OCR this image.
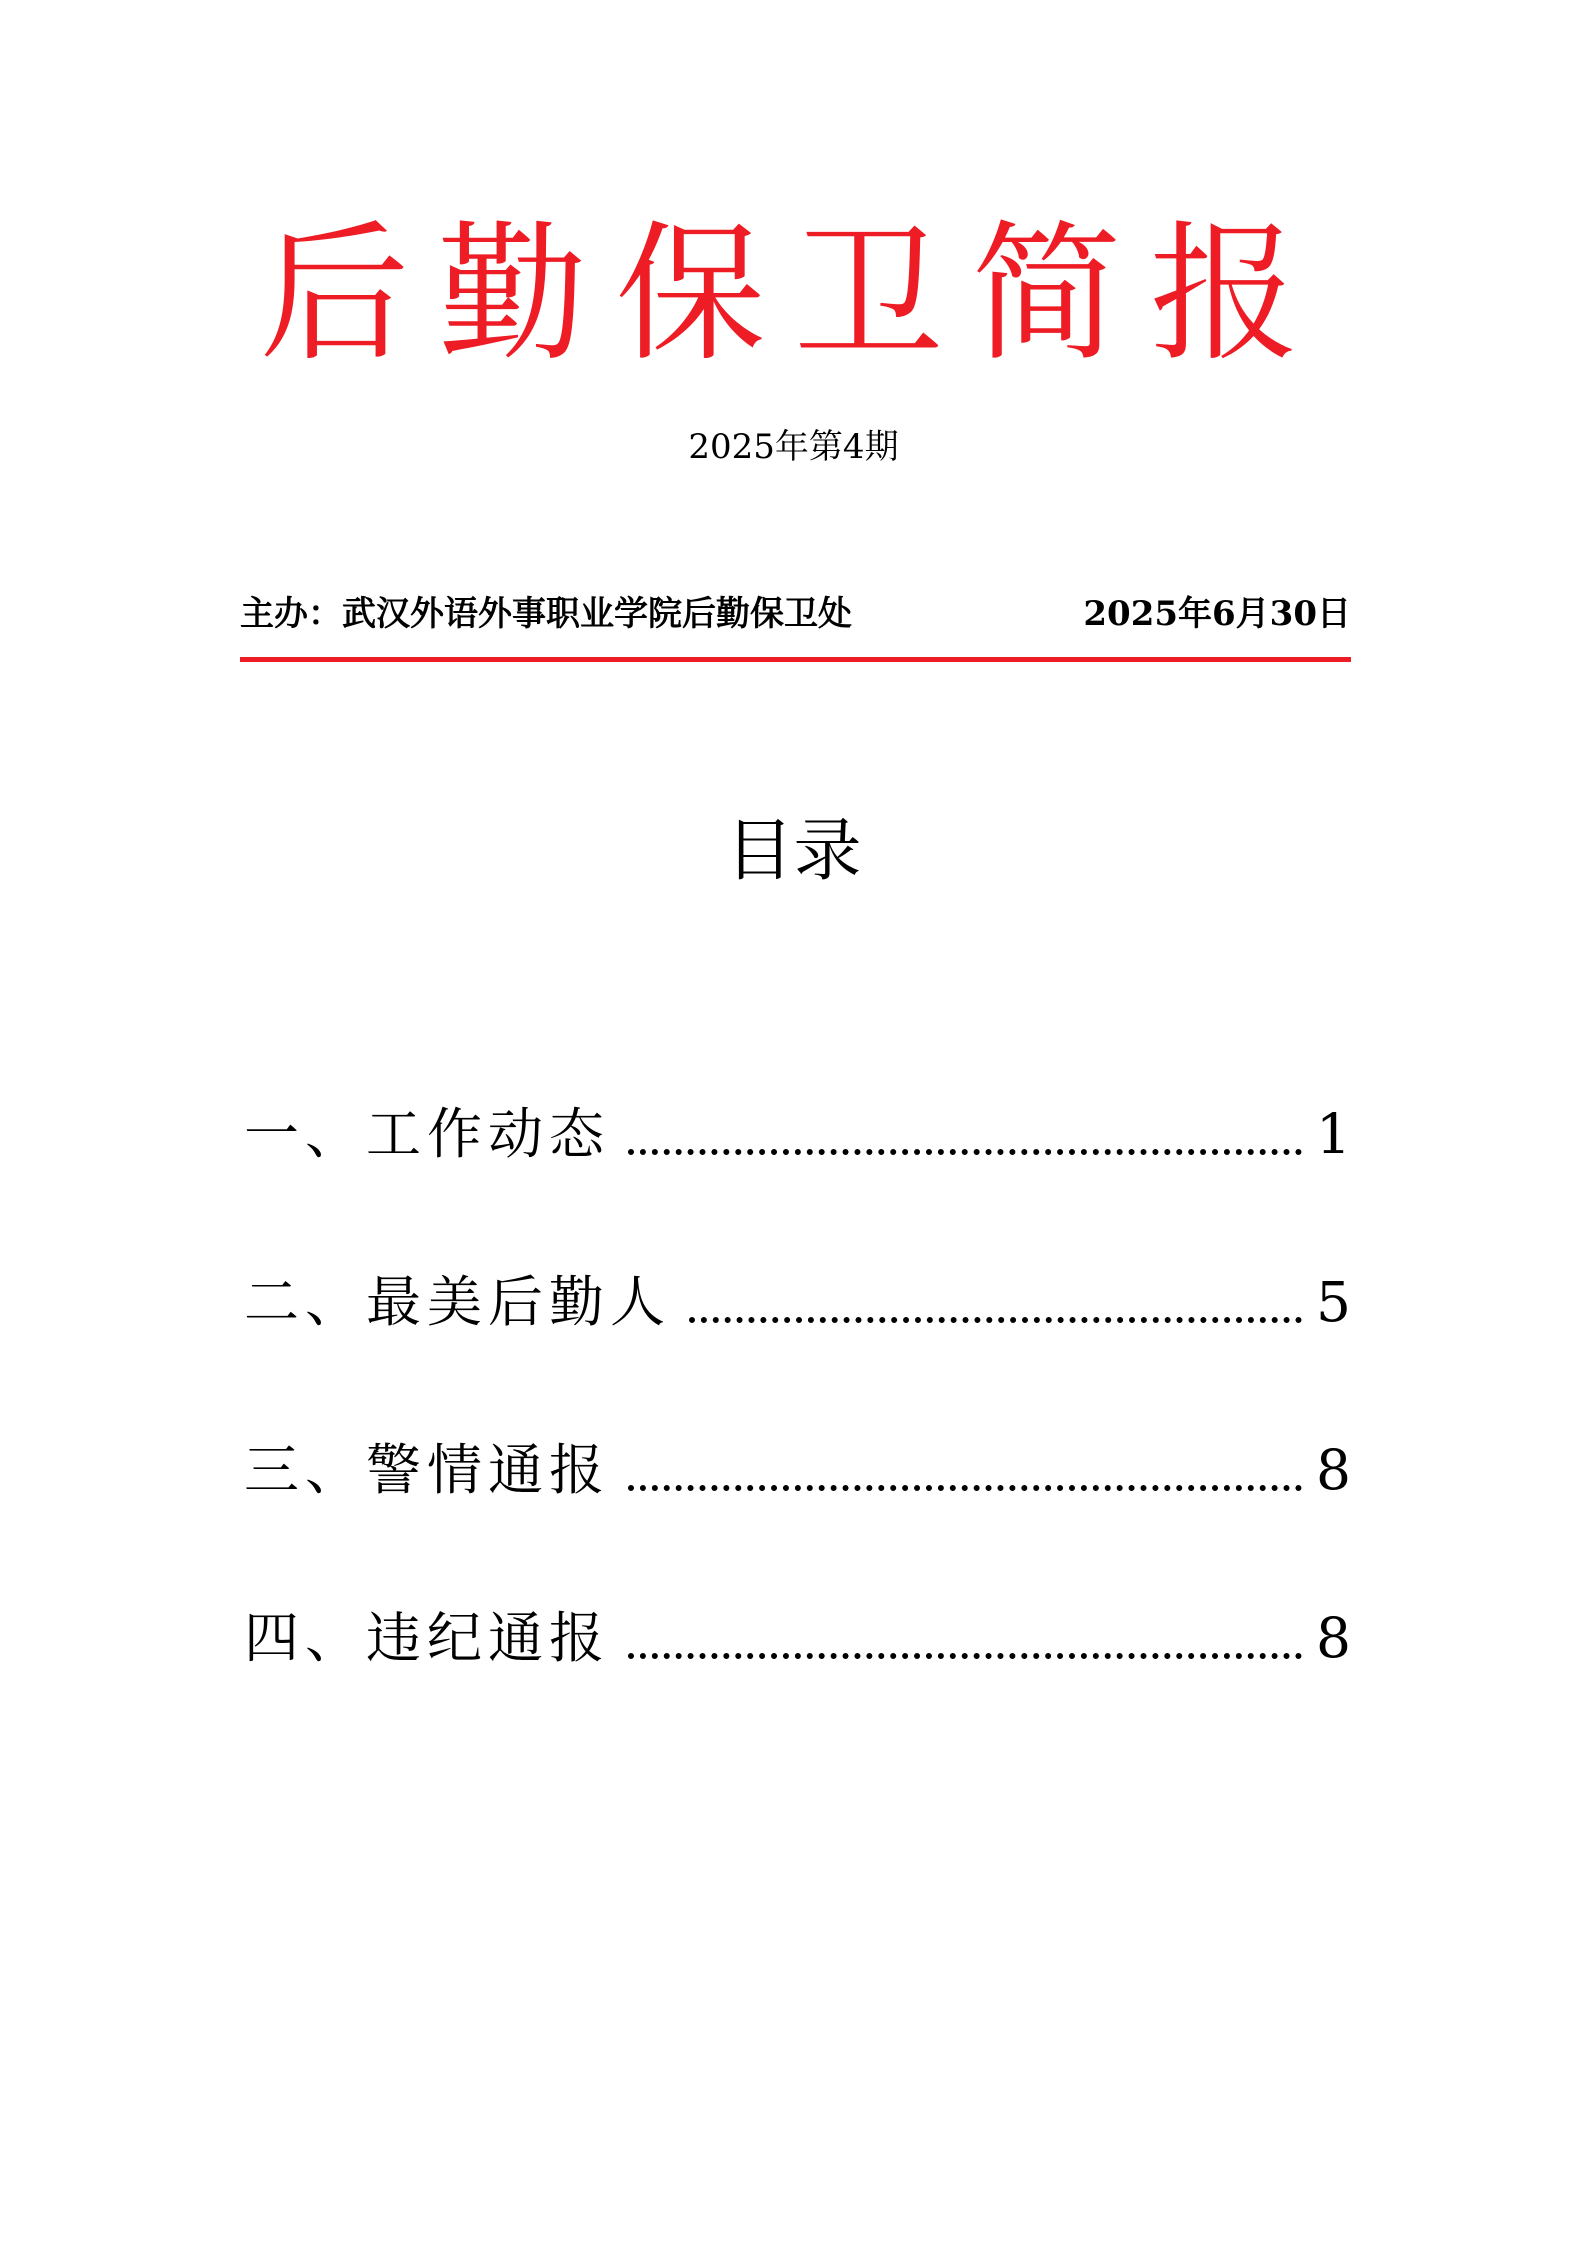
后勤保卫简报
2025年第4期
主办：武汉外语外事职业学院后勤保卫处	2025年6月30日
目录
一、工作动态	1
二、最美后勤人	5
三、警情通报	8
四、违纪通报	8
